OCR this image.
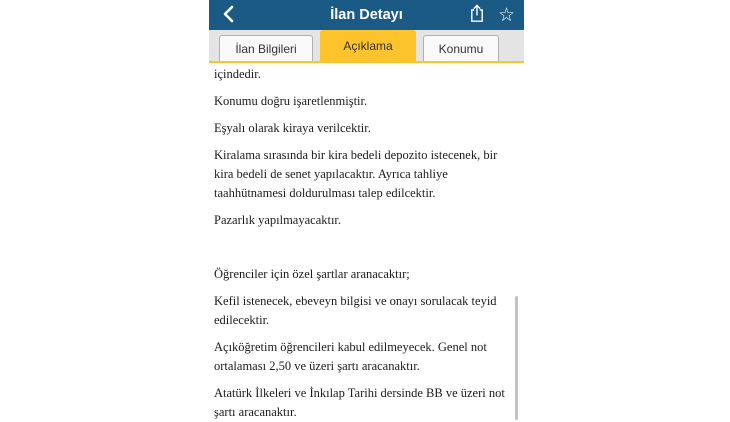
İlan Detayı	☆
İlan Bilgileri	Açıklama	Konumu

içindedir.

Konumu doğru işaretlenmiştir.

Eşyalı olarak kiraya verilcektir.

Kiralama sırasında bir kira bedeli depozito istecenek, bir kira bedeli de senet yapılacaktır. Ayrıca tahliye taahhütnamesi doldurulması talep edilcektir.

Pazarlık yapılmayacaktır.

Öğrenciler için özel şartlar aranacaktır;

Kefil istenecek, ebeveyn bilgisi ve onayı sorulacak teyid edilecektir.

Açıköğretim öğrencileri kabul edilmeyecek. Genel not ortalaması 2,50 ve üzeri şartı aracanaktır.

Atatürk İlkeleri ve İnkılap Tarihi dersinde BB ve üzeri not şartı aracanaktır.
